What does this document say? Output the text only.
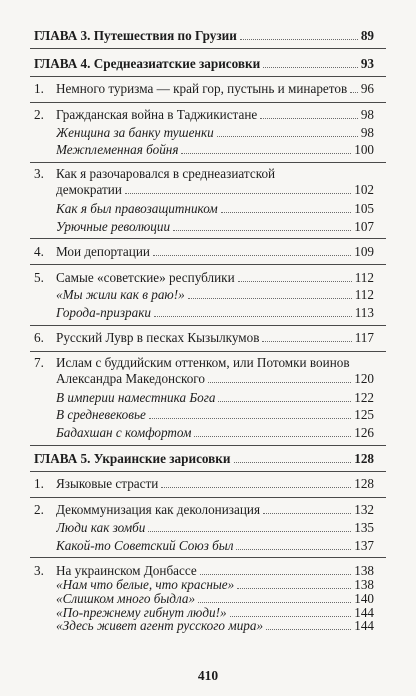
ГЛАВА 3. Путешествия по Грузии	89
ГЛАВА 4. Среднеазиатские зарисовки	93
1. Немного туризма — край гор, пустынь и минаретов 96
2. Гражданская война в Таджикистане	98
Женщина за банку тушенки	98
Межплеменная бойня	100
3. Как я разочаровался в среднеазиатской
демократии	102
Как я был правозащитником	105
Урючные революции	107
4. Мои депортации	109
5. Самые «советские» республики	112
«Мы жили как в раю!»	112
Города-призраки	113
6. Русский Лувр в песках Кызылкумов	117
7. Ислам с буддийским оттенком, или Потомки воинов
Александра Македонского	120
В империи наместника Бога	122
В средневековье	125
Бадахшан с комфортом	126
ГЛАВА 5. Украинские зарисовки	128
1. Языковые страсти	128
2. Декоммунизация как деколонизация	132
Люди как зомби	135
Какой-то Советский Союз был	137
3. На украинском Донбассе	138
«Нам что белые, что красные»	138
410
«Слишком много быдла»	140
«По-прежнему гибнут люди!»	144
«Здесь живет агент русского мира»	144
